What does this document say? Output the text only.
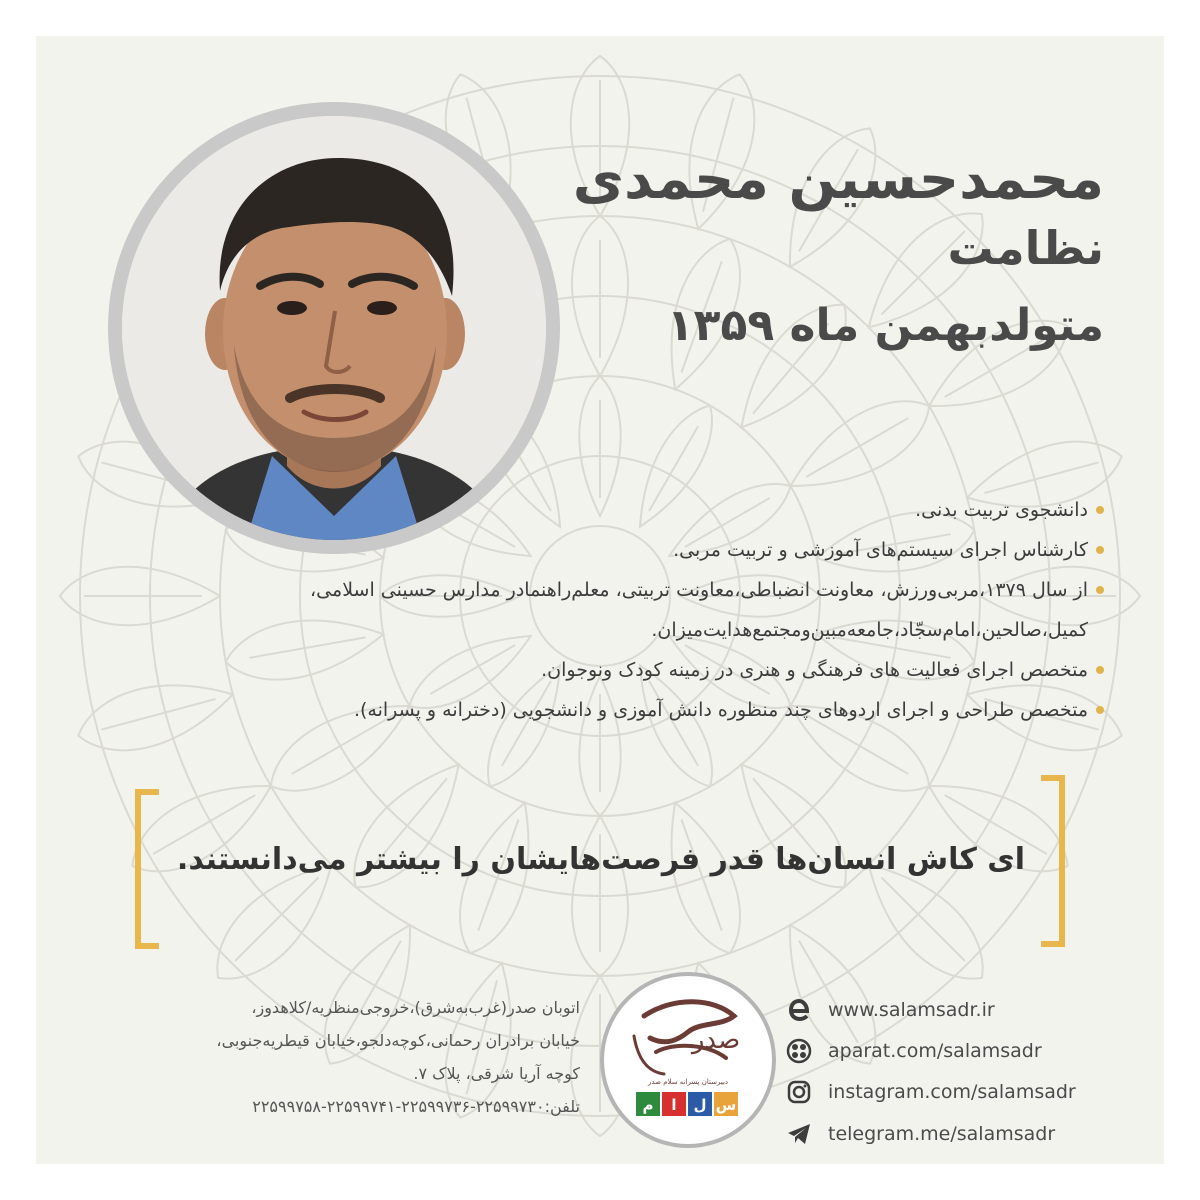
محمدحسین محمدی

نظامت

متولدبهمن ماه ۱۳۵۹

دانشجوی تربیت بدنی.
کارشناس اجرای سیستم‌های آموزشی و تربیت مربی.
از سال ۱۳۷۹،مربی‌ورزش، معاونت انضباطی،معاونت تربیتی، معلم‌راهنما‌در مدارس حسینی اسلامی، کمیل،صالحین،امام‌سجّاد،جامعه‌مبین‌و‌مجتمع‌هدایت‌میزان.
متخصص اجرای فعالیت های فرهنگی و هنری در زمینه کودک ونوجوان.
متخصص طراحی و اجرای اردوهای چند منظوره دانش آموزی و دانشجویی (دخترانه و پسرانه).

ای کاش انسان‌ها قدر فرصت‌هایشان را بیشتر می‌دانستند.

اتوبان صدر(غرب‌به‌شرق)،خروجی‌منظریه/کلاهدوز،
خیابان برادران رحمانی،کوچه‌دلجو،خیابان قیطریه‌جنوبی،
کوچه آریا شرقی، پلاک ۷.
تلفن:۲۲۵۹۹۷۳۰-۲۲۵۹۹۷۳۶-۲۲۵۹۹۷۴۱-۲۲۵۹۹۷۵۸
صدر
دبیرستان پسرانه سلام صدر
س
ل
ا
م
www.salamsadr.ir
aparat.com/salamsadr
instagram.com/salamsadr
telegram.me/salamsadr
